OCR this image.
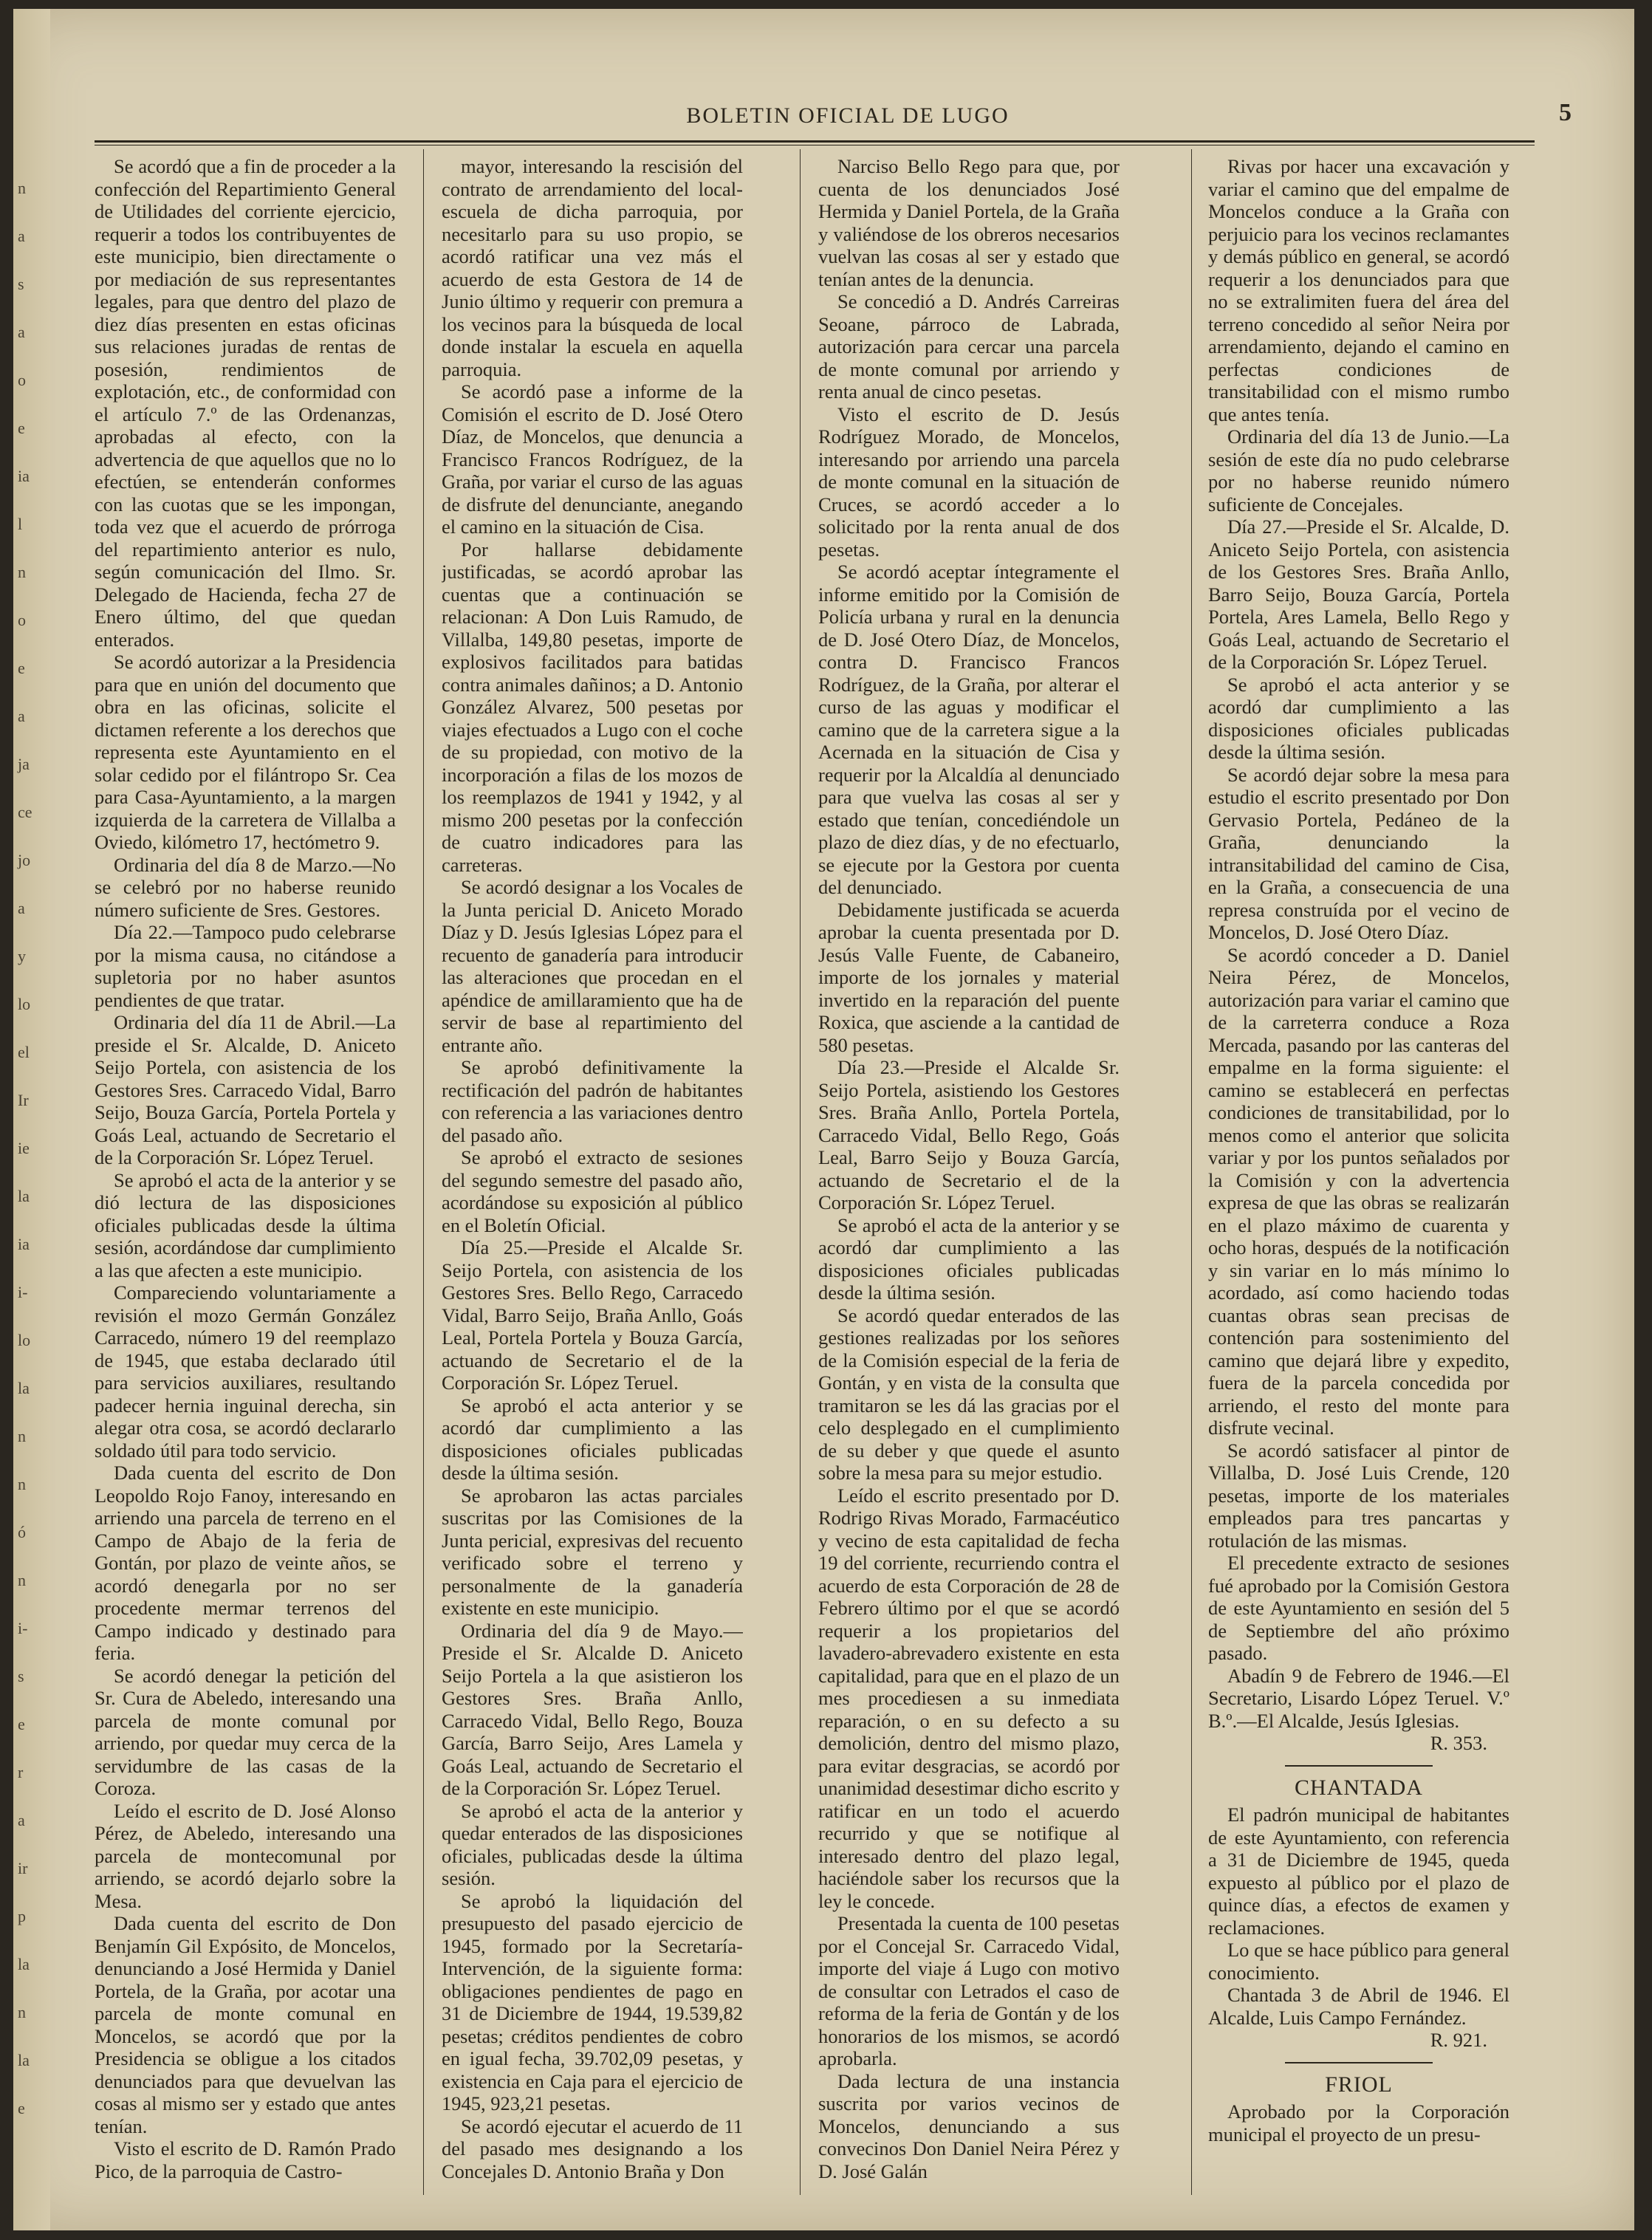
n
a
s
a
o
e
ia
l
n
o
e
a
ja
ce
jo
a
y
lo
el
Ir
ie
la
ia
i-
lo
la
n
n
ó
n
i-
s
e
r
a
ir
p
la
n
la
e
BOLETIN OFICIAL DE LUGO	5

Se acordó que a fin de proceder a la confección del Repartimiento General de Utilidades del corriente ejercicio, requerir a todos los contribuyentes de este municipio, bien directamente o por mediación de sus representantes legales, para que dentro del plazo de diez días presenten en estas oficinas sus relaciones juradas de rentas de posesión, rendimientos de explotación, etc., de conformidad con el artículo 7.º de las Ordenanzas, aprobadas al efecto, con la advertencia de que aquellos que no lo efectúen, se entenderán conformes con las cuotas que se les impongan, toda vez que el acuerdo de prórroga del repartimiento anterior es nulo, según comunicación del Ilmo. Sr. Delegado de Hacienda, fecha 27 de Enero último, del que quedan enterados.

Se acordó autorizar a la Presidencia para que en unión del documento que obra en las oficinas, solicite el dictamen referente a los derechos que representa este Ayuntamiento en el solar cedido por el filántropo Sr. Cea para Casa-Ayuntamiento, a la margen izquierda de la carretera de Villalba a Oviedo, kilómetro 17, hectómetro 9.

Ordinaria del día 8 de Marzo.—No se celebró por no haberse reunido número suficiente de Sres. Gestores.

Día 22.—Tampoco pudo celebrarse por la misma causa, no citándose a supletoria por no haber asuntos pendientes de que tratar.

Ordinaria del día 11 de Abril.—La preside el Sr. Alcalde, D. Aniceto Seijo Portela, con asistencia de los Gestores Sres. Carracedo Vidal, Barro Seijo, Bouza García, Portela Portela y Goás Leal, actuando de Secretario el de la Corporación Sr. López Teruel.

Se aprobó el acta de la anterior y se dió lectura de las disposiciones oficiales publicadas desde la última sesión, acordándose dar cumplimiento a las que afecten a este municipio.

Compareciendo voluntariamente a revisión el mozo Germán González Carracedo, número 19 del reemplazo de 1945, que estaba declarado útil para servicios auxiliares, resultando padecer hernia inguinal derecha, sin alegar otra cosa, se acordó declararlo soldado útil para todo servicio.

Dada cuenta del escrito de Don Leopoldo Rojo Fanoy, interesando en arriendo una parcela de terreno en el Campo de Abajo de la feria de Gontán, por plazo de veinte años, se acordó denegarla por no ser procedente mermar terrenos del Campo indicado y destinado para feria.

Se acordó denegar la petición del Sr. Cura de Abeledo, interesando una parcela de monte comunal por arriendo, por quedar muy cerca de la servidumbre de las casas de la Coroza.

Leído el escrito de D. José Alonso Pérez, de Abeledo, interesando una parcela de montecomunal por arriendo, se acordó dejarlo sobre la Mesa.

Dada cuenta del escrito de Don Benjamín Gil Expósito, de Moncelos, denunciando a José Hermida y Daniel Portela, de la Graña, por acotar una parcela de monte comunal en Moncelos, se acordó que por la Presidencia se obligue a los citados denunciados para que devuelvan las cosas al mismo ser y estado que antes tenían.

Visto el escrito de D. Ramón Prado Pico, de la parroquia de Castro-

mayor, interesando la rescisión del contrato de arrendamiento del local-escuela de dicha parroquia, por necesitarlo para su uso propio, se acordó ratificar una vez más el acuerdo de esta Gestora de 14 de Junio último y requerir con premura a los vecinos para la búsqueda de local donde instalar la escuela en aquella parroquia.

Se acordó pase a informe de la Comisión el escrito de D. José Otero Díaz, de Moncelos, que denuncia a Francisco Francos Rodríguez, de la Graña, por variar el curso de las aguas de disfrute del denunciante, anegando el camino en la situación de Cisa.

Por hallarse debidamente justificadas, se acordó aprobar las cuentas que a continuación se relacionan: A Don Luis Ramudo, de Villalba, 149,80 pesetas, importe de explosivos facilitados para batidas contra animales dañinos; a D. Antonio González Alvarez, 500 pesetas por viajes efectuados a Lugo con el coche de su propiedad, con motivo de la incorporación a filas de los mozos de los reemplazos de 1941 y 1942, y al mismo 200 pesetas por la confección de cuatro indicadores para las carreteras.

Se acordó designar a los Vocales de la Junta pericial D. Aniceto Morado Díaz y D. Jesús Iglesias López para el recuento de ganadería para introducir las alteraciones que procedan en el apéndice de amillaramiento que ha de servir de base al repartimiento del entrante año.

Se aprobó definitivamente la rectificación del padrón de habitantes con referencia a las variaciones dentro del pasado año.

Se aprobó el extracto de sesiones del segundo semestre del pasado año, acordándose su exposición al público en el Boletín Oficial.

Día 25.—Preside el Alcalde Sr. Seijo Portela, con asistencia de los Gestores Sres. Bello Rego, Carracedo Vidal, Barro Seijo, Braña Anllo, Goás Leal, Portela Portela y Bouza García, actuando de Secretario el de la Corporación Sr. López Teruel.

Se aprobó el acta anterior y se acordó dar cumplimiento a las disposiciones oficiales publicadas desde la última sesión.

Se aprobaron las actas parciales suscritas por las Comisiones de la Junta pericial, expresivas del recuento verificado sobre el terreno y personalmente de la ganadería existente en este municipio.

Ordinaria del día 9 de Mayo.—Preside el Sr. Alcalde D. Aniceto Seijo Portela a la que asistieron los Gestores Sres. Braña Anllo, Carracedo Vidal, Bello Rego, Bouza García, Barro Seijo, Ares Lamela y Goás Leal, actuando de Secretario el de la Corporación Sr. López Teruel.

Se aprobó el acta de la anterior y quedar enterados de las disposiciones oficiales, publicadas desde la última sesión.

Se aprobó la liquidación del presupuesto del pasado ejercicio de 1945, formado por la Secretaría-Intervención, de la siguiente forma: obligaciones pendientes de pago en 31 de Diciembre de 1944, 19.539,82 pesetas; créditos pendientes de cobro en igual fecha, 39.702,09 pesetas, y existencia en Caja para el ejercicio de 1945, 923,21 pesetas.

Se acordó ejecutar el acuerdo de 11 del pasado mes designando a los Concejales D. Antonio Braña y Don

Narciso Bello Rego para que, por cuenta de los denunciados José Hermida y Daniel Portela, de la Graña y valiéndose de los obreros necesarios vuelvan las cosas al ser y estado que tenían antes de la denuncia.

Se concedió a D. Andrés Carreiras Seoane, párroco de Labrada, autorización para cercar una parcela de monte comunal por arriendo y renta anual de cinco pesetas.

Visto el escrito de D. Jesús Rodríguez Morado, de Moncelos, interesando por arriendo una parcela de monte comunal en la situación de Cruces, se acordó acceder a lo solicitado por la renta anual de dos pesetas.

Se acordó aceptar íntegramente el informe emitido por la Comisión de Policía urbana y rural en la denuncia de D. José Otero Díaz, de Moncelos, contra D. Francisco Francos Rodríguez, de la Graña, por alterar el curso de las aguas y modificar el camino que de la carretera sigue a la Acernada en la situación de Cisa y requerir por la Alcaldía al denunciado para que vuelva las cosas al ser y estado que tenían, concediéndole un plazo de diez días, y de no efectuarlo, se ejecute por la Gestora por cuenta del denunciado.

Debidamente justificada se acuerda aprobar la cuenta presentada por D. Jesús Valle Fuente, de Cabaneiro, importe de los jornales y material invertido en la reparación del puente Roxica, que asciende a la cantidad de 580 pesetas.

Día 23.—Preside el Alcalde Sr. Seijo Portela, asistiendo los Gestores Sres. Braña Anllo, Portela Portela, Carracedo Vidal, Bello Rego, Goás Leal, Barro Seijo y Bouza García, actuando de Secretario el de la Corporación Sr. López Teruel.

Se aprobó el acta de la anterior y se acordó dar cumplimiento a las disposiciones oficiales publicadas desde la última sesión.

Se acordó quedar enterados de las gestiones realizadas por los señores de la Comisión especial de la feria de Gontán, y en vista de la consulta que tramitaron se les dá las gracias por el celo desplegado en el cumplimiento de su deber y que quede el asunto sobre la mesa para su mejor estudio.

Leído el escrito presentado por D. Rodrigo Rivas Morado, Farmacéutico y vecino de esta capitalidad de fecha 19 del corriente, recurriendo contra el acuerdo de esta Corporación de 28 de Febrero último por el que se acordó requerir a los propietarios del lavadero-abrevadero existente en esta capitalidad, para que en el plazo de un mes procediesen a su inmediata reparación, o en su defecto a su demolición, dentro del mismo plazo, para evitar desgracias, se acordó por unanimidad desestimar dicho escrito y ratificar en un todo el acuerdo recurrido y que se notifique al interesado dentro del plazo legal, haciéndole saber los recursos que la ley le concede.

Presentada la cuenta de 100 pesetas por el Concejal Sr. Carracedo Vidal, importe del viaje á Lugo con motivo de consultar con Letrados el caso de reforma de la feria de Gontán y de los honorarios de los mismos, se acordó aprobarla.

Dada lectura de una instancia suscrita por varios vecinos de Moncelos, denunciando a sus convecinos Don Daniel Neira Pérez y D. José Galán

Rivas por hacer una excavación y variar el camino que del empalme de Moncelos conduce a la Graña con perjuicio para los vecinos reclamantes y demás público en general, se acordó requerir a los denunciados para que no se extralimiten fuera del área del terreno concedido al señor Neira por arrendamiento, dejando el camino en perfectas condiciones de transitabilidad con el mismo rumbo que antes tenía.

Ordinaria del día 13 de Junio.—La sesión de este día no pudo celebrarse por no haberse reunido número suficiente de Concejales.

Día 27.—Preside el Sr. Alcalde, D. Aniceto Seijo Portela, con asistencia de los Gestores Sres. Braña Anllo, Barro Seijo, Bouza García, Portela Portela, Ares Lamela, Bello Rego y Goás Leal, actuando de Secretario el de la Corporación Sr. López Teruel.

Se aprobó el acta anterior y se acordó dar cumplimiento a las disposiciones oficiales publicadas desde la última sesión.

Se acordó dejar sobre la mesa para estudio el escrito presentado por Don Gervasio Portela, Pedáneo de la Graña, denunciando la intransitabilidad del camino de Cisa, en la Graña, a consecuencia de una represa construída por el vecino de Moncelos, D. José Otero Díaz.

Se acordó conceder a D. Daniel Neira Pérez, de Moncelos, autorización para variar el camino que de la carreterra conduce a Roza Mercada, pasando por las canteras del empalme en la forma siguiente: el camino se establecerá en perfectas condiciones de transitabilidad, por lo menos como el anterior que solicita variar y por los puntos señalados por la Comisión y con la advertencia expresa de que las obras se realizarán en el plazo máximo de cuarenta y ocho horas, después de la notificación y sin variar en lo más mínimo lo acordado, así como haciendo todas cuantas obras sean precisas de contención para sostenimiento del camino que dejará libre y expedito, fuera de la parcela concedida por arriendo, el resto del monte para disfrute vecinal.

Se acordó satisfacer al pintor de Villalba, D. José Luis Crende, 120 pesetas, importe de los materiales empleados para tres pancartas y rotulación de las mismas.

El precedente extracto de sesiones fué aprobado por la Comisión Gestora de este Ayuntamiento en sesión del 5 de Septiembre del año próximo pasado.

Abadín 9 de Febrero de 1946.—El Secretario, Lisardo López Teruel. V.º B.º.—El Alcalde, Jesús Iglesias.

R. 353.

CHANTADA

El padrón municipal de habitantes de este Ayuntamiento, con referencia a 31 de Diciembre de 1945, queda expuesto al público por el plazo de quince días, a efectos de examen y reclamaciones.

Lo que se hace público para general conocimiento.

Chantada 3 de Abril de 1946. El Alcalde, Luis Campo Fernández.

R. 921.

FRIOL

Aprobado por la Corporación municipal el proyecto de un presu-
